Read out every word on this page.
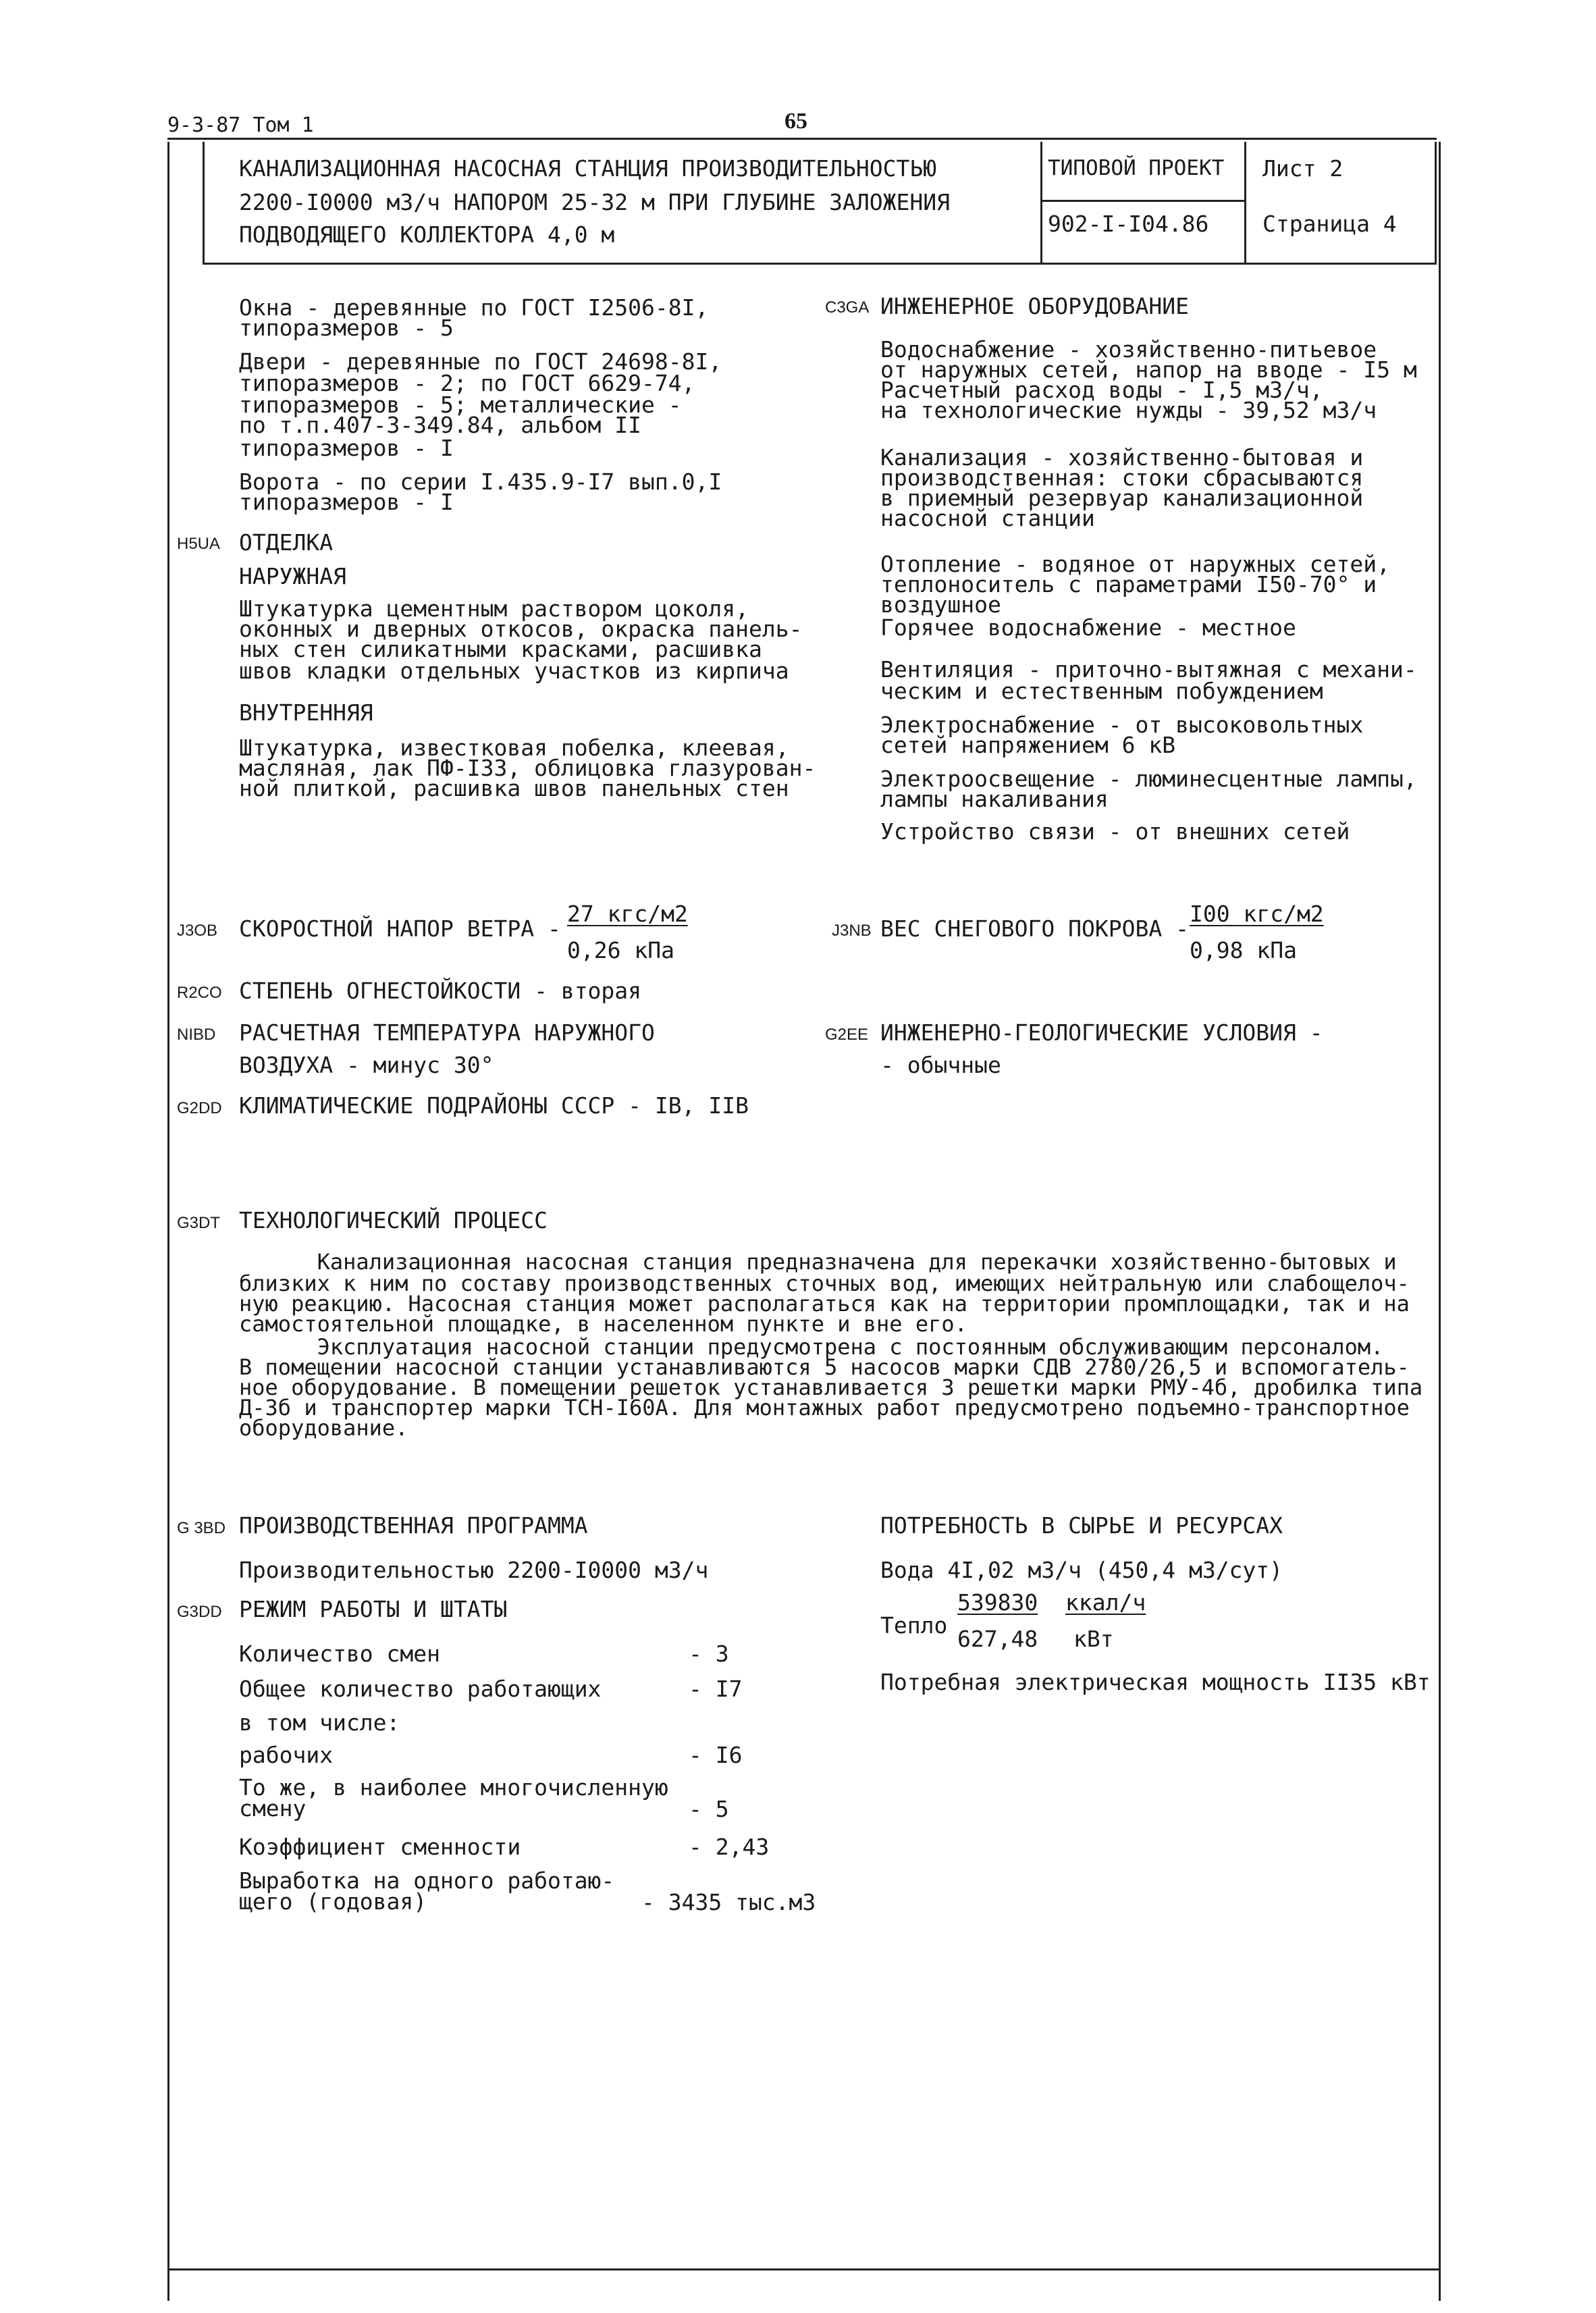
9-3-87 Том 1	65
КАНАЛИЗАЦИОННАЯ НАСОСНАЯ СТАНЦИЯ ПРОИЗВОДИТЕЛЬНОСТЬЮ
2200-I0000 м3/ч НАПОРОМ 25-32 м ПРИ ГЛУБИНЕ ЗАЛОЖЕНИЯ
ПОДВОДЯЩЕГО КОЛЛЕКТОРА 4,0 м
ТИПОВОЙ ПРОЕКТ
902-I-I04.86
Лист 2
Страница 4
Окна - деревянные по ГОСТ I2506-8I,
типоразмеров - 5
Двери - деревянные по ГОСТ 24698-8I,
типоразмеров - 2; по ГОСТ 6629-74,
типоразмеров - 5; металлические -
по т.п.407-3-349.84, альбом II
типоразмеров - I
Ворота - по серии I.435.9-I7 вып.0,I
типоразмеров - I
H5UA ОТДЕЛКА
НАРУЖНАЯ
Штукатурка цементным раствором цоколя,
оконных и дверных откосов, окраска панель-
ных стен силикатными красками, расшивка
швов кладки отдельных участков из кирпича
ВНУТРЕННЯЯ
Штукатурка, известковая побелка, клеевая,
масляная, лак ПФ-I33, облицовка глазурован-
ной плиткой, расшивка швов панельных стен
C3GA ИНЖЕНЕРНОЕ ОБОРУДОВАНИЕ
Водоснабжение - хозяйственно-питьевое
от наружных сетей, напор на вводе - I5 м
Расчетный расход воды - I,5 м3/ч,
на технологические нужды - 39,52 м3/ч
Канализация - хозяйственно-бытовая и
производственная: стоки сбрасываются
в приемный резервуар канализационной
насосной станции
Отопление - водяное от наружных сетей,
теплоноситель с параметрами I50-70° и
воздушное
Горячее водоснабжение - местное
Вентиляция - приточно-вытяжная с механи-
ческим и естественным побуждением
Электроснабжение - от высоковольтных
сетей напряжением 6 кВ
Электроосвещение - люминесцентные лампы,
лампы накаливания
Устройство связи - от внешних сетей
J3OB СКОРОСТНОЙ НАПОР ВЕТРА -
27 кгс/м2
0,26 кПа
J3NB ВЕС СНЕГОВОГО ПОКРОВА -
I00 кгс/м2
0,98 кПа
R2CO СТЕПЕНЬ ОГНЕСТОЙКОСТИ - вторая
NIBD РАСЧЕТНАЯ ТЕМПЕРАТУРА НАРУЖНОГО
ВОЗДУХА - минус 30°
G2EE ИНЖЕНЕРНО-ГЕОЛОГИЧЕСКИЕ УСЛОВИЯ -
- обычные
G2DD КЛИМАТИЧЕСКИЕ ПОДРАЙОНЫ СССР - IB, IIB
G3DT ТЕХНОЛОГИЧЕСКИЙ ПРОЦЕСС
Канализационная насосная станция предназначена для перекачки хозяйственно-бытовых и
близких к ним по составу производственных сточных вод, имеющих нейтральную или слабощелоч-
ную реакцию. Насосная станция может располагаться как на территории промплощадки, так и на
самостоятельной площадке, в населенном пункте и вне его.
Эксплуатация насосной станции предусмотрена с постоянным обслуживающим персоналом.
В помещении насосной станции устанавливаются 5 насосов марки СДВ 2780/26,5 и вспомогатель-
ное оборудование. В помещении решеток устанавливается 3 решетки марки РМУ-4б, дробилка типа
Д-3б и транспортер марки ТСН-I60А. Для монтажных работ предусмотрено подъемно-транспортное
оборудование.
G 3BD ПРОИЗВОДСТВЕННАЯ ПРОГРАММА
Производительностью 2200-I0000 м3/ч
G3DD РЕЖИМ РАБОТЫ И ШТАТЫ
Количество смен	- 3
Общее количество работающих	- I7
в том числе:
рабочих	- I6
То же, в наиболее многочисленную
смену	- 5
Коэффициент сменности	- 2,43
Выработка на одного работаю-
щего (годовая)	- 3435 тыс.м3
ПОТРЕБНОСТЬ В СЫРЬЕ И РЕСУРСАХ
Вода 4I,02 м3/ч (450,4 м3/сут)
Тепло
539830 ккал/ч
627,48 кВт
Потребная электрическая мощность II35 кВт
